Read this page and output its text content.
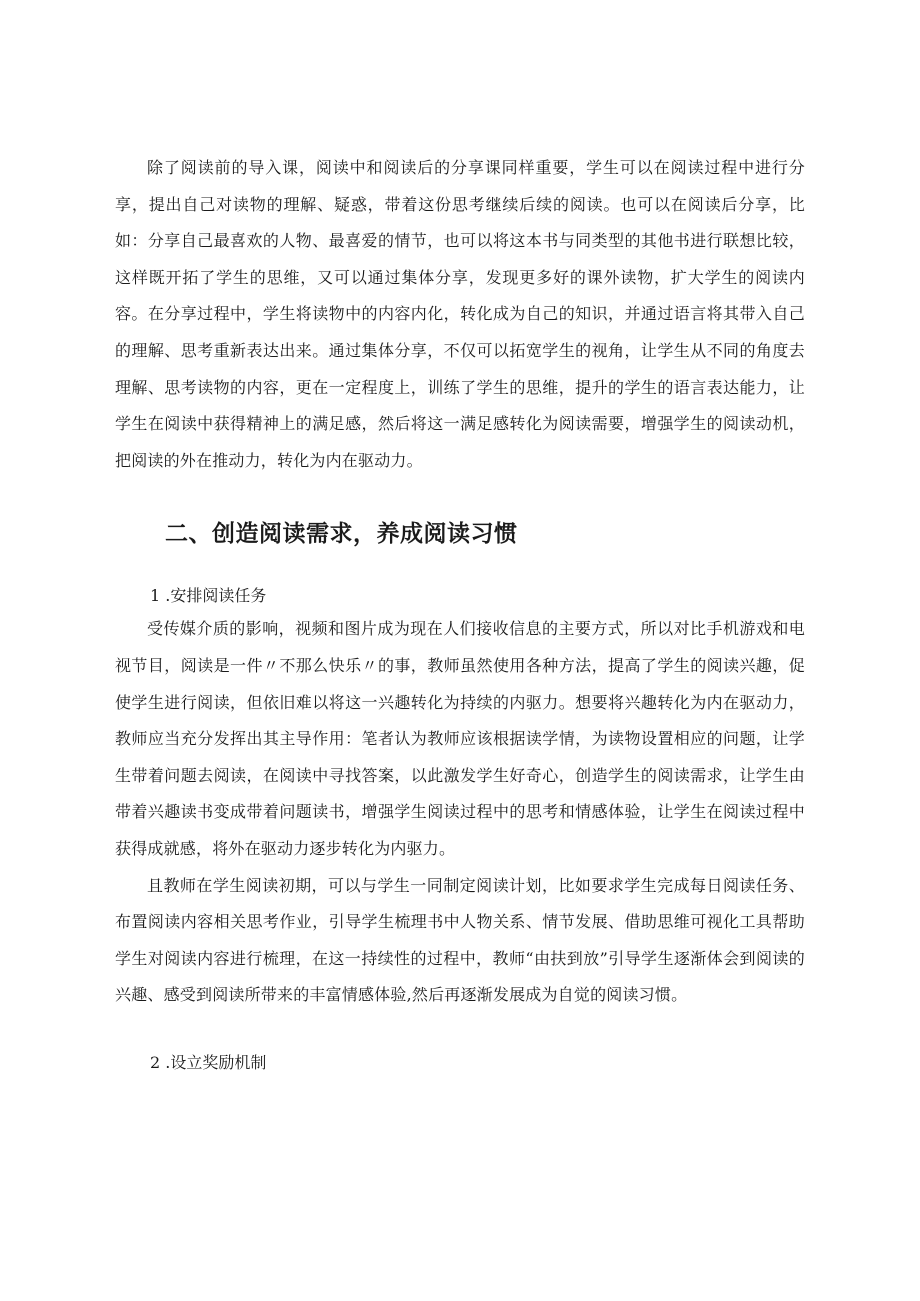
除了阅读前的导入课，阅读中和阅读后的分享课同样重要，学生可以在阅读过程中进行分享，提出自己对读物的理解、疑惑，带着这份思考继续后续的阅读。也可以在阅读后分享，比如：分享自己最喜欢的人物、最喜爱的情节，也可以将这本书与同类型的其他书进行联想比较，这样既开拓了学生的思维，又可以通过集体分享，发现更多好的课外读物，扩大学生的阅读内容。在分享过程中，学生将读物中的内容内化，转化成为自己的知识，并通过语言将其带入自己的理解、思考重新表达出来。通过集体分享，不仅可以拓宽学生的视角，让学生从不同的角度去理解、思考读物的内容，更在一定程度上，训练了学生的思维，提升的学生的语言表达能力，让学生在阅读中获得精神上的满足感，然后将这一满足感转化为阅读需要，增强学生的阅读动机，把阅读的外在推动力，转化为内在驱动力。

二、创造阅读需求，养成阅读习惯

1 .安排阅读任务

受传媒介质的影响，视频和图片成为现在人们接收信息的主要方式，所以对比手机游戏和电视节目，阅读是一件〃不那么快乐〃的事，教师虽然使用各种方法，提高了学生的阅读兴趣，促使学生进行阅读，但依旧难以将这一兴趣转化为持续的内驱力。想要将兴趣转化为内在驱动力，教师应当充分发挥出其主导作用：笔者认为教师应该根据读学情，为读物设置相应的问题，让学生带着问题去阅读，在阅读中寻找答案，以此激发学生好奇心，创造学生的阅读需求，让学生由带着兴趣读书变成带着问题读书，增强学生阅读过程中的思考和情感体验，让学生在阅读过程中获得成就感，将外在驱动力逐步转化为内驱力。

且教师在学生阅读初期，可以与学生一同制定阅读计划，比如要求学生完成每日阅读任务、布置阅读内容相关思考作业，引导学生梳理书中人物关系、情节发展、借助思维可视化工具帮助学生对阅读内容进行梳理，在这一持续性的过程中，教师“由扶到放”引导学生逐渐体会到阅读的兴趣、感受到阅读所带来的丰富情感体验,然后再逐渐发展成为自觉的阅读习惯。

2 .设立奖励机制
